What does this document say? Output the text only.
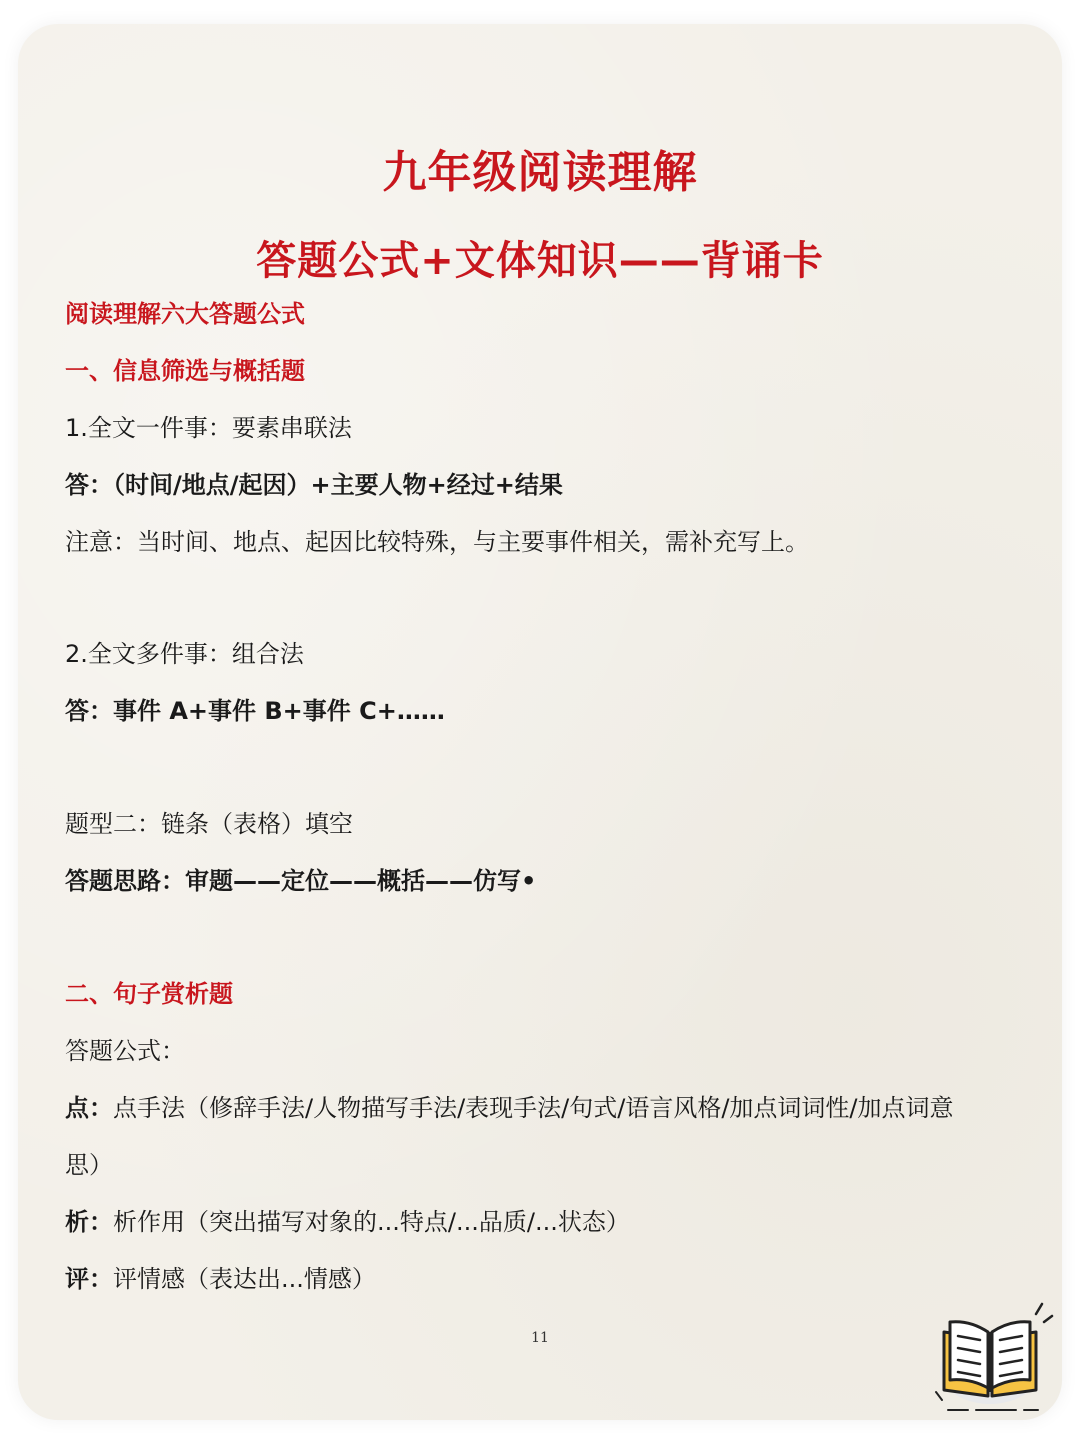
九年级阅读理解
答题公式+文体知识——背诵卡

阅读理解六大答题公式

一、信息筛选与概括题

1.全文一件事：要素串联法

答：（时间/地点/起因）+主要人物+经过+结果

注意：当时间、地点、起因比较特殊，与主要事件相关，需补充写上。

2.全文多件事：组合法

答：事件 A+事件 B+事件 C+……

题型二：链条（表格）填空

答题思路：审题——定位——概括——仿写•

二、句子赏析题

答题公式：

点：点手法（修辞手法/人物描写手法/表现手法/句式/语言风格/加点词词性/加点词意

思）

析：析作用（突出描写对象的...特点/...品质/...状态）

评：评情感（表达出...情感）

11
